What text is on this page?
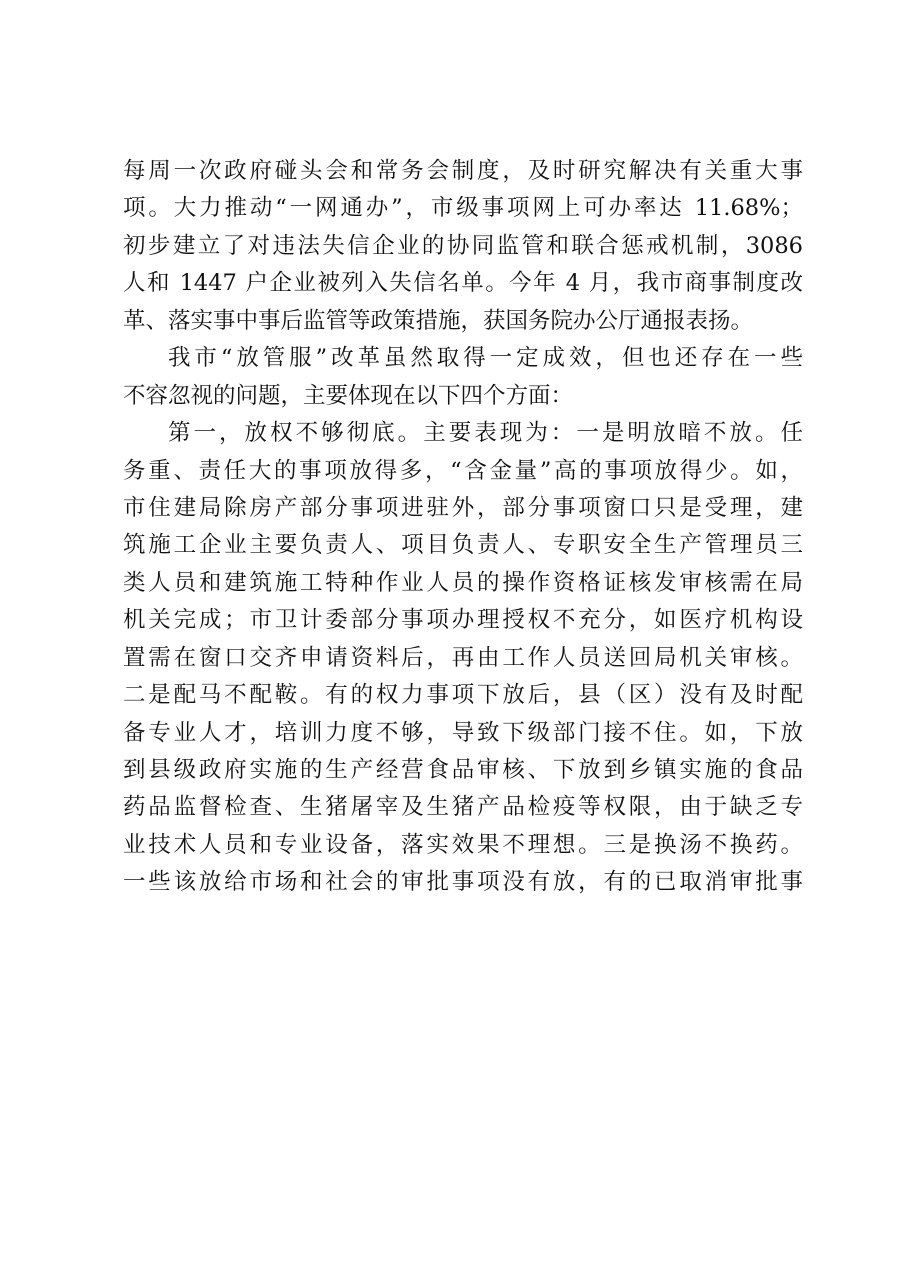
每周一次政府碰头会和常务会制度，及时研究解决有关重大事
项。大力推动“一网通办”，市级事项网上可办率达 11.68%；
初步建立了对违法失信企业的协同监管和联合惩戒机制，3086
人和 1447 户企业被列入失信名单。今年 4 月，我市商事制度改
革、落实事中事后监管等政策措施，获国务院办公厅通报表扬。
我市“放管服”改革虽然取得一定成效，但也还存在一些
不容忽视的问题，主要体现在以下四个方面：
第一，放权不够彻底。主要表现为：一是明放暗不放。任
务重、责任大的事项放得多，“含金量”高的事项放得少。如，
市住建局除房产部分事项进驻外，部分事项窗口只是受理，建
筑施工企业主要负责人、项目负责人、专职安全生产管理员三
类人员和建筑施工特种作业人员的操作资格证核发审核需在局
机关完成；市卫计委部分事项办理授权不充分，如医疗机构设
置需在窗口交齐申请资料后，再由工作人员送回局机关审核。
二是配马不配鞍。有的权力事项下放后，县（区）没有及时配
备专业人才，培训力度不够，导致下级部门接不住。如，下放
到县级政府实施的生产经营食品审核、下放到乡镇实施的食品
药品监督检查、生猪屠宰及生猪产品检疫等权限，由于缺乏专
业技术人员和专业设备，落实效果不理想。三是换汤不换药。
一些该放给市场和社会的审批事项没有放，有的已取消审批事
